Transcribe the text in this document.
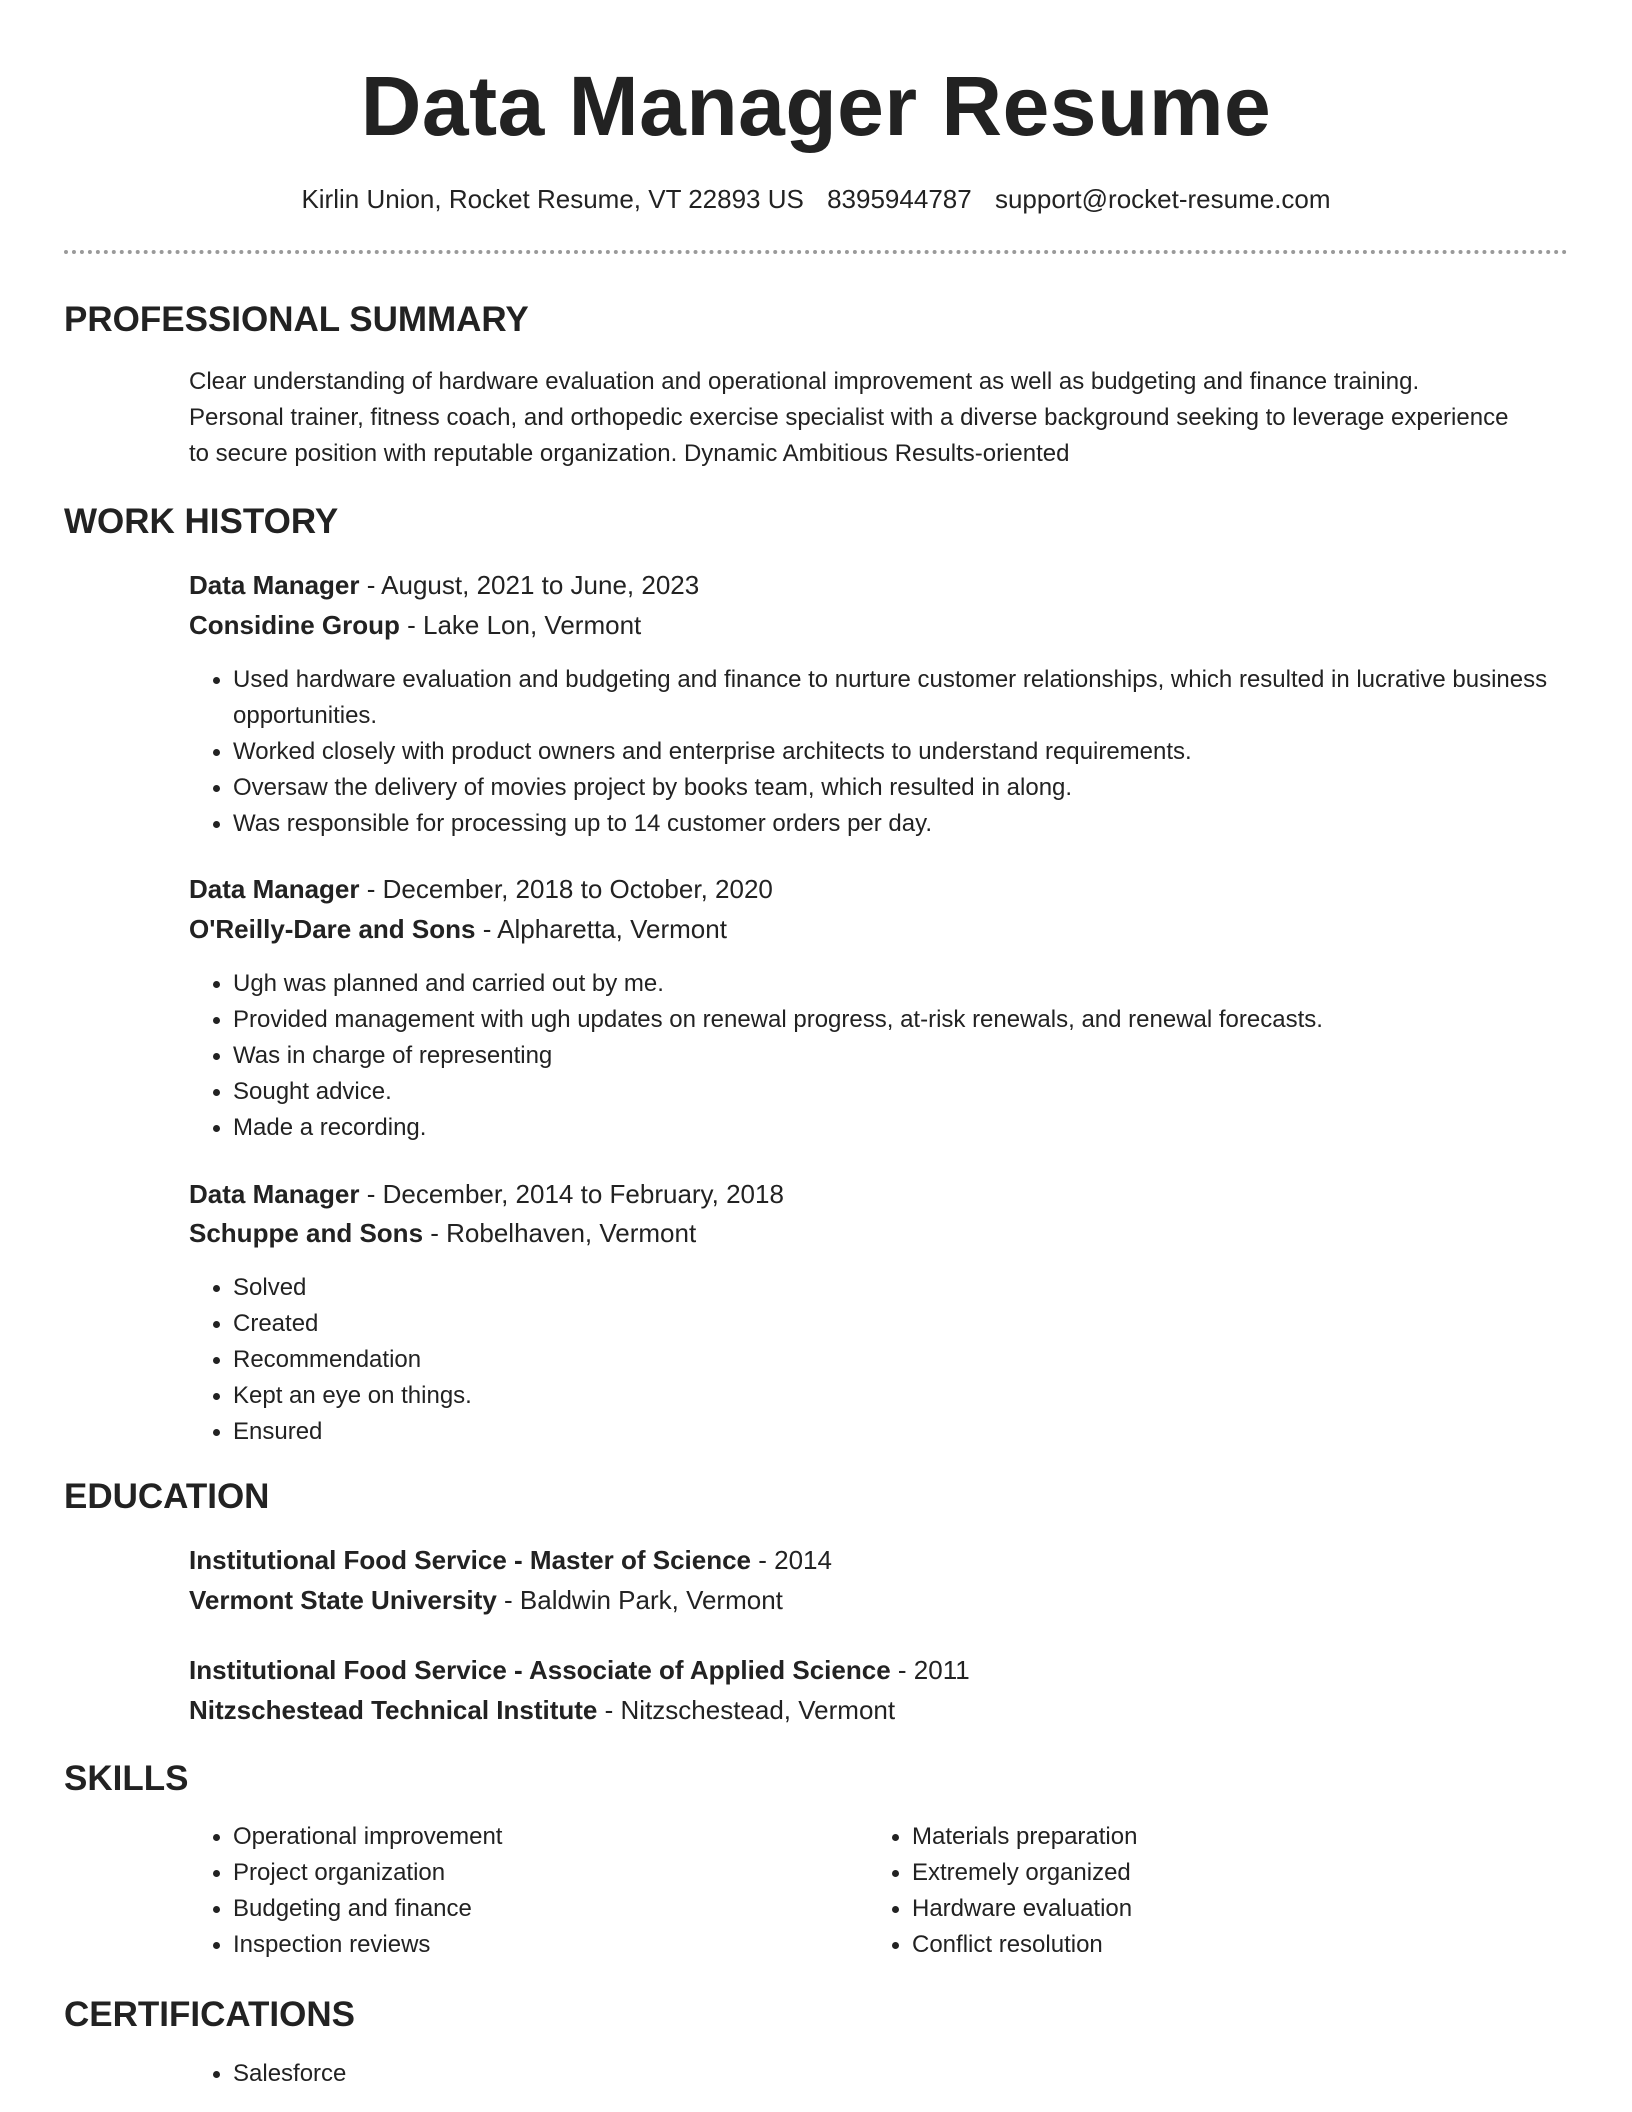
Data Manager Resume
Kirlin Union, Rocket Resume, VT 22893 US 8395944787 support@rocket-resume.com
PROFESSIONAL SUMMARY
Clear understanding of hardware evaluation and operational improvement as well as budgeting and finance training.
Personal trainer, fitness coach, and orthopedic exercise specialist with a diverse background seeking to leverage experience
to secure position with reputable organization. Dynamic Ambitious Results-oriented
WORK HISTORY
Data Manager - August, 2021 to June, 2023
Considine Group - Lake Lon, Vermont
• Used hardware evaluation and budgeting and finance to nurture customer relationships, which resulted in lucrative business opportunities.
• Worked closely with product owners and enterprise architects to understand requirements.
• Oversaw the delivery of movies project by books team, which resulted in along.
• Was responsible for processing up to 14 customer orders per day.
Data Manager - December, 2018 to October, 2020
O'Reilly-Dare and Sons - Alpharetta, Vermont
• Ugh was planned and carried out by me.
• Provided management with ugh updates on renewal progress, at-risk renewals, and renewal forecasts.
• Was in charge of representing
• Sought advice.
• Made a recording.
Data Manager - December, 2014 to February, 2018
Schuppe and Sons - Robelhaven, Vermont
• Solved
• Created
• Recommendation
• Kept an eye on things.
• Ensured
EDUCATION
Institutional Food Service - Master of Science - 2014
Vermont State University - Baldwin Park, Vermont
Institutional Food Service - Associate of Applied Science - 2011
Nitzschestead Technical Institute - Nitzschestead, Vermont
SKILLS
• Operational improvement
• Project organization
• Budgeting and finance
• Inspection reviews
• Materials preparation
• Extremely organized
• Hardware evaluation
• Conflict resolution
CERTIFICATIONS
• Salesforce
